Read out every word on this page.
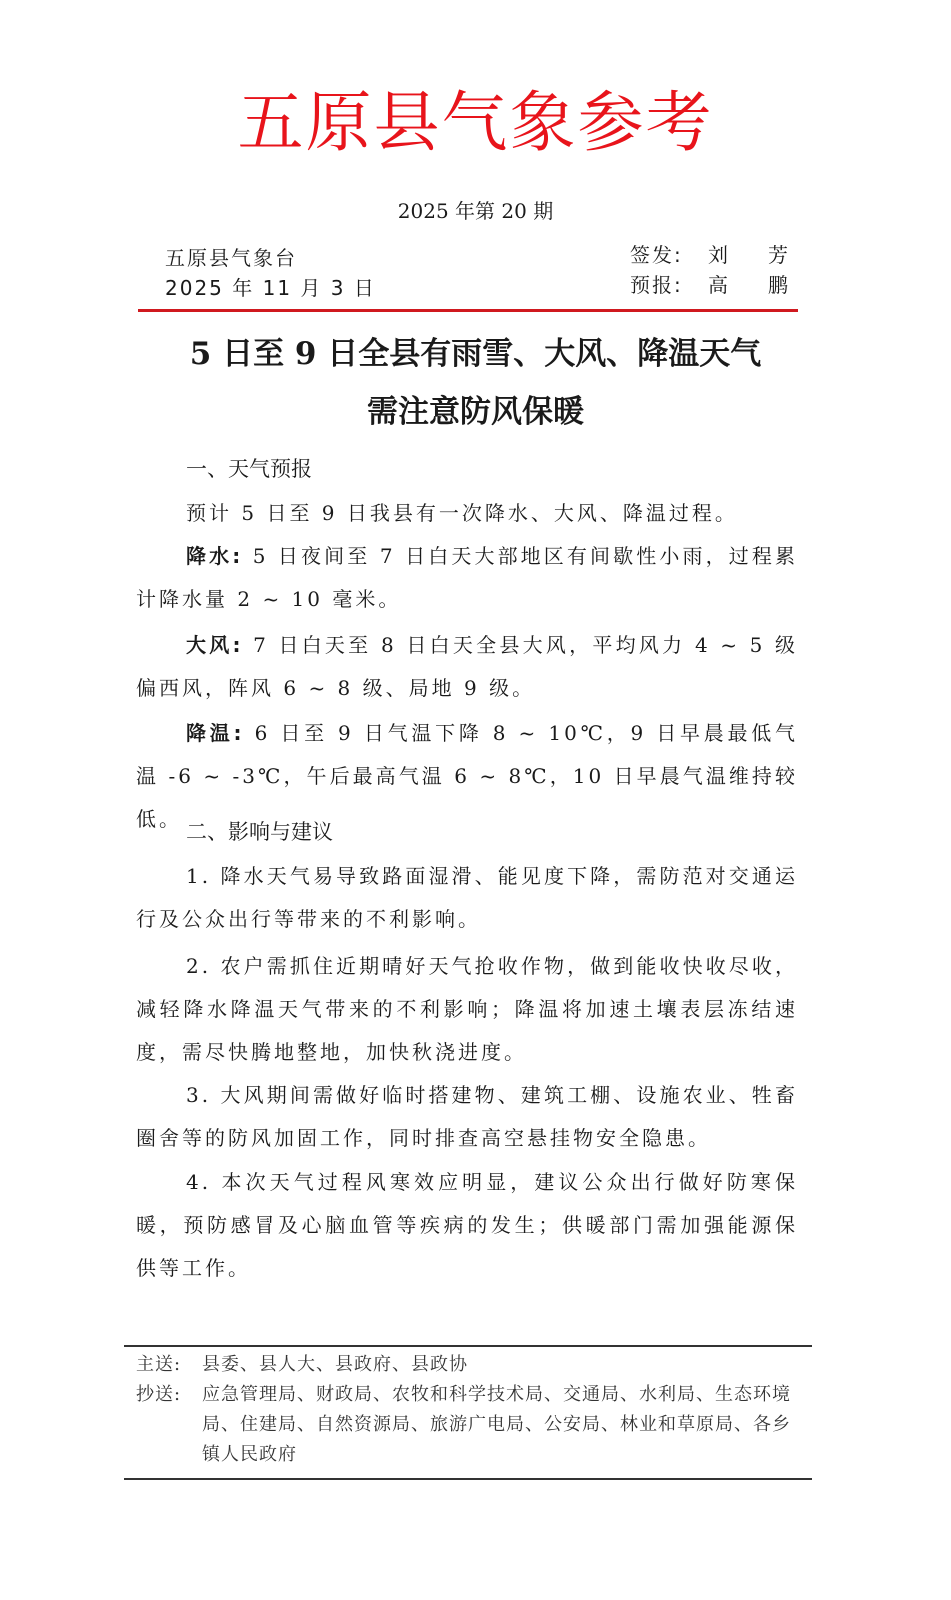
五原县气象参考
2025 年第 20 期
五原县气象台
2025 年 11 月 3 日
签发:	刘 芳
预报:	高 鹏
5 日至 9 日全县有雨雪、大风、降温天气
需注意防风保暖
一、天气预报
预计 5 日至 9 日我县有一次降水、大风、降温过程。
降水: 5 日夜间至 7 日白天大部地区有间歇性小雨，过程累计降水量 2 ~ 10 毫米。
大风: 7 日白天至 8 日白天全县大风，平均风力 4 ~ 5 级偏西风，阵风 6 ~ 8 级、局地 9 级。
降温: 6 日至 9 日气温下降 8 ~ 10℃，9 日早晨最低气温 -6 ~ -3℃，午后最高气温 6 ~ 8℃，10 日早晨气温维持较低。
二、影响与建议
1. 降水天气易导致路面湿滑、能见度下降，需防范对交通运行及公众出行等带来的不利影响。
2. 农户需抓住近期晴好天气抢收作物，做到能收快收尽收，减轻降水降温天气带来的不利影响；降温将加速土壤表层冻结速度，需尽快腾地整地，加快秋浇进度。
3. 大风期间需做好临时搭建物、建筑工棚、设施农业、牲畜圈舍等的防风加固工作，同时排查高空悬挂物安全隐患。
4. 本次天气过程风寒效应明显，建议公众出行做好防寒保暖，预防感冒及心脑血管等疾病的发生；供暖部门需加强能源保供等工作。
主送:	县委、县人大、县政府、县政协
抄送:	应急管理局、财政局、农牧和科学技术局、交通局、水利局、生态环境局、住建局、自然资源局、旅游广电局、公安局、林业和草原局、各乡镇人民政府
